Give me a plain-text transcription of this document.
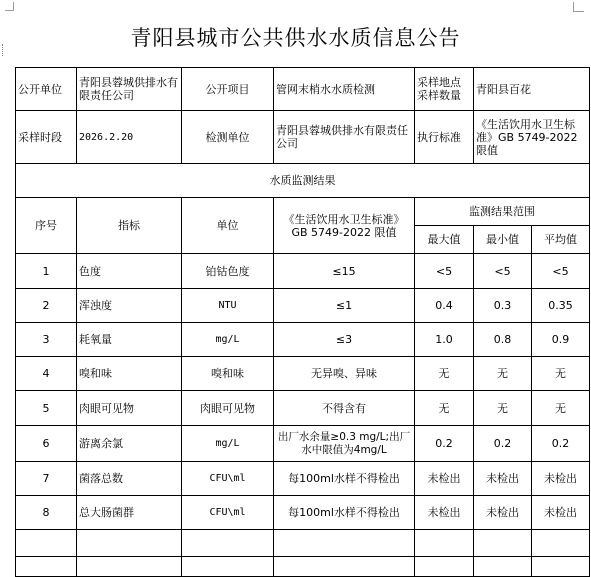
青阳县城市公共供水水质信息公告
公开单位	青阳县蓉城供排水有限责任公司	公开项目	管网末梢水水质检测	采样地点采样数量	青阳县百花	
采样时段	2026.2.20	检测单位	青阳县蓉城供排水有限责任公司	执行标准	《生活饮用水卫生标准》GB 5749-2022 限值	
水质监测结果						
序号	指标	单位	《生活饮用水卫生标准》GB 5749-2022 限值	监测结果范围		
				最大值	最小值	平均值
1	色度	铂钴色度	≤15	<5	<5	<5
2	浑浊度	NTU	≤1	0.4	0.3	0.35
3	耗氧量	mg/L	≤3	1.0	0.8	0.9
4	嗅和味	嗅和味	无异嗅、异味	无	无	无
5	肉眼可见物	肉眼可见物	不得含有	无	无	无
6	游离余氯	mg/L	出厂水余量≥0.3 mg/L;出厂水中限值为4mg/L	0.2	0.2	0.2
7	菌落总数	CFU\ml	每100ml水样不得检出	未检出	未检出	未检出
8	总大肠菌群	CFU\ml	每100ml水样不得检出	未检出	未检出	未检出
